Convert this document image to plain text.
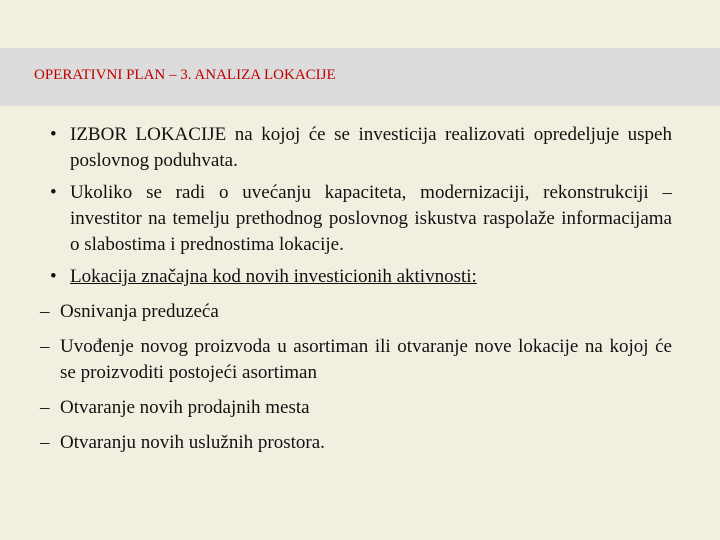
OPERATIVNI PLAN – 3. ANALIZA LOKACIJE
• IZBOR LOKACIJE na kojoj će se investicija realizovati opredeljuje uspeh poslovnog poduhvata.
• Ukoliko se radi o uvećanju kapaciteta, modernizaciji, rekonstrukciji – investitor na temelju prethodnog poslovnog iskustva raspolaže informacijama o slabostima i prednostima lokacije.
• Lokacija značajna kod novih investicionih aktivnosti:
– Osnivanja preduzeća
– Uvođenje novog proizvoda u asortiman ili otvaranje nove lokacije na kojoj će se proizvoditi postojeći asortiman
– Otvaranje novih prodajnih mesta
– Otvaranju novih uslužnih prostora.
